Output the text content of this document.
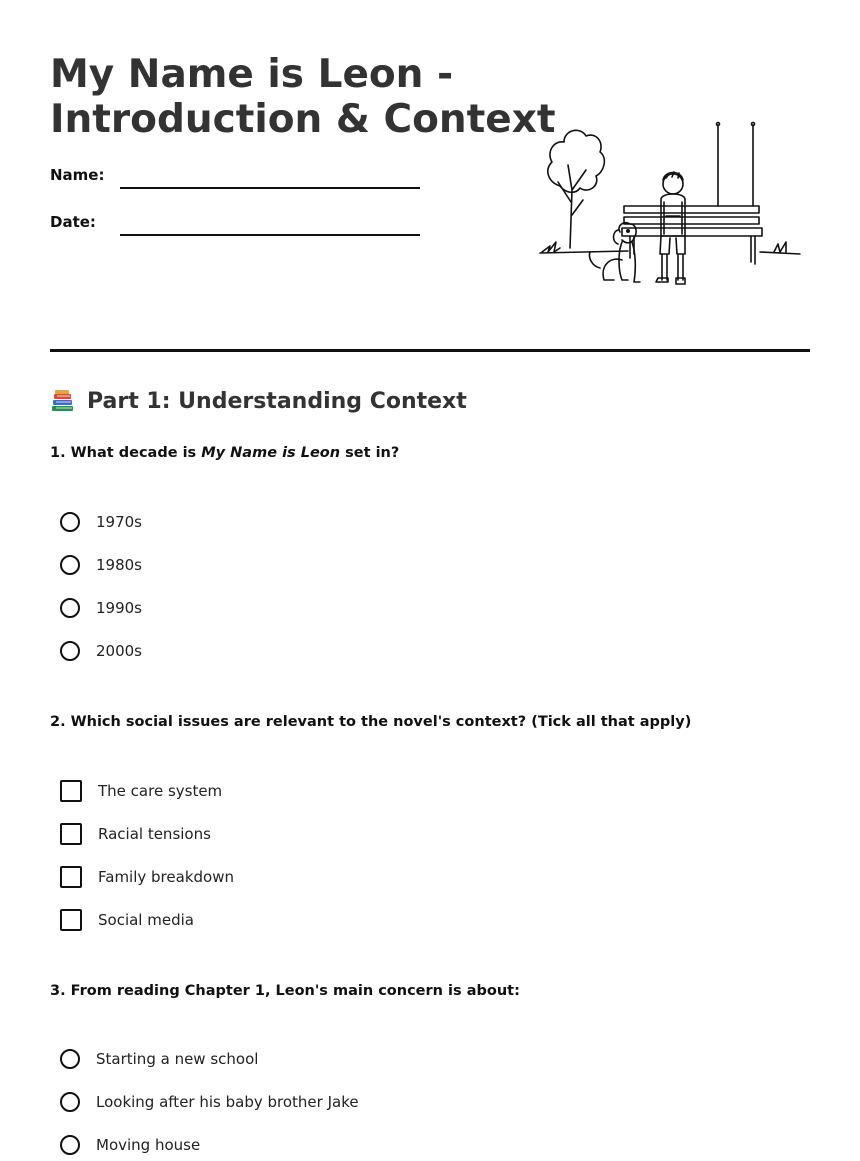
My Name is Leon -
Introduction & Context
Name:
Date:
Part 1: Understanding Context

1. What decade is My Name is Leon set in?

1970s
1980s
1990s
2000s

2. Which social issues are relevant to the novel's context? (Tick all that apply)

The care system
Racial tensions
Family breakdown
Social media

3. From reading Chapter 1, Leon's main concern is about:

Starting a new school
Looking after his baby brother Jake
Moving house
